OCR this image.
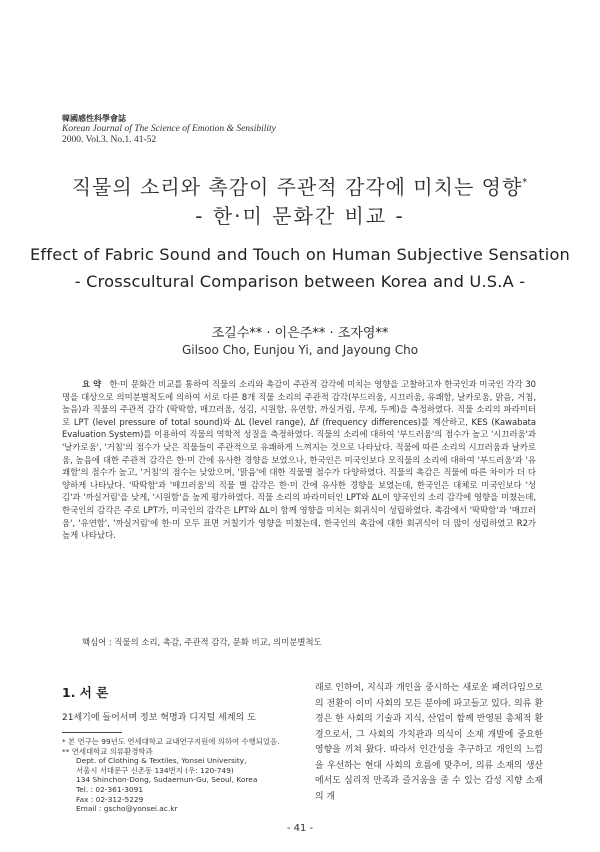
韓國感性科學會誌
Korean Journal of The Science of Emotion & Sensibility
2000. Vol.3. No.1. 41-52
직물의 소리와 촉감이 주관적 감각에 미치는 영향*
- 한·미 문화간 비교 -
Effect of Fabric Sound and Touch on Human Subjective Sensation
- Crosscultural Comparison between Korea and U.S.A -
조길수** · 이은주** · 조자영**
Gilsoo Cho, Eunjou Yi, and Jayoung Cho

요 약 한·미 문화간 비교를 통하여 직물의 소리와 촉감이 주관적 감각에 미치는 영향을 고찰하고자 한국인과 미국인 각각 30명을 대상으로 의미분별척도에 의하여 서로 다른 8개 직물 소리의 주관적 감각(부드러움, 시끄러움, 유쾌함, 날카로움, 맑음, 거침, 높음)과 직물의 주관적 감각 (딱딱함, 매끄러움, 성김, 시원함, 유연함, 까실거림, 무게, 두께)을 측정하였다. 직물 소리의 파라미터로 LPT (level pressure of total sound)와 ΔL (level range), Δf (frequency differences)를 계산하고, KES (Kawabata Evaluation System)를 이용하여 직물의 역학적 성질을 측정하였다. 직물의 소리에 대하여 '부드러움'의 점수가 높고 '시끄러움'과 '날카로움', '거침'의 점수가 낮은 직물들이 주관적으로 유쾌하게 느껴지는 것으로 나타났다. 직물에 따른 소리의 시끄러움과 날카로움, 높음에 대한 주관적 감각은 한·미 간에 유사한 경향을 보였으나, 한국인은 미국인보다 모직물의 소리에 대하여 '부드러움'과 '유쾌함'의 점수가 높고, '거침'의 점수는 낮았으며, '맑음'에 대한 직물별 점수가 다양하였다. 직물의 촉감은 직물에 따른 차이가 더 다양하게 나타났다. '딱딱함'과 '매끄러움'의 직물 별 감각은 한·미 간에 유사한 경향을 보였는데, 한국인은 대체로 미국인보다 '성김'과 '까실거림'을 낮게, '시원함'을 높게 평가하였다. 직물 소리의 파라미터인 LPT와 ΔL이 양국인의 소리 감각에 영향을 미쳤는데, 한국인의 감각은 주로 LPT가, 미국인의 감각은 LPT와 ΔL이 함께 영향을 미치는 회귀식이 성립하였다. 촉감에서 '딱딱함'과 '매끄러움', '유연함', '까실거림'에 한·미 모두 표면 거칠기가 영향을 미쳤는데, 한국인의 촉감에 대한 회귀식이 더 많이 성립하였고 R2가 높게 나타났다.

핵심어 : 직물의 소리, 촉감, 주관적 감각, 문화 비교, 의미분별척도
1. 서 론
21세기에 들어서며 정보 혁명과 디지털 세계의 도
* 본 연구는 99년도 연세대학교 교내연구지원에 의하여 수행되었음.
** 연세대학교 의류환경학과
Dept. of Clothing & Textiles, Yonsei University,
서울시 서대문구 신촌동 134번지 (우: 120-749)
134 Shinchon-Dong, Sudaemun-Gu, Seoul, Korea
Tel. : 02-361-3091
Fax : 02-312-5229
Email : gscho@yonsei.ac.kr
래로 인하여, 지식과 개인을 중시하는 새로운 패러다임으로의 전환이 이미 사회의 모든 분야에 파고들고 있다. 의류 환경은 한 사회의 기술과 지식, 산업이 함께 반영된 총체적 환경으로서, 그 사회의 가치관과 의식이 소재 개발에 중요한 영향을 끼쳐 왔다. 따라서 인간성을 추구하고 개인의 느낌을 우선하는 현대 사회의 흐름에 맞추어, 의류 소재의 생산에서도 심리적 만족과 즐거움을 줄 수 있는 감성 지향 소재의 개
- 41 -
